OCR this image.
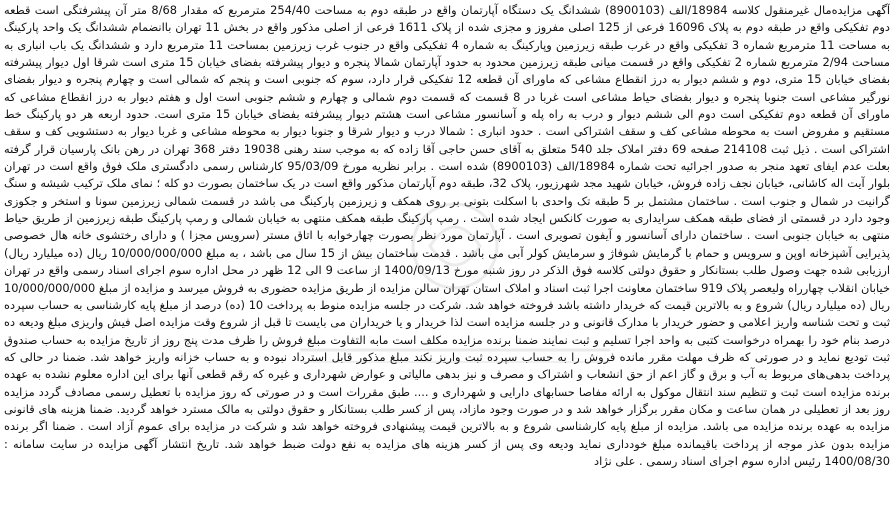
آگهی مزایده‌مال غیرمنقول کلاسه 18984/الف (8900103) ششدانگ یک دستگاه آپارتمان واقع در طبقه دوم به مساحت 254/40 مترمربع که مقدار 8/68 متر آن پیشرفتگی است قطعه دوم تفکیکی واقع در طبقه دوم به پلاک 16096 فرعی از 125 اصلی مفروز و مجزی شده از پلاک 1611 فرعی از اصلی مذکور واقع در بخش 11 تهران باانضمام ششدانگ یک واحد پارکینگ به مساحت 11 مترمربع شماره 3 تفکیکی واقع در غرب طبقه زیرزمین وپارکینگ به شماره 4 تفکیکی واقع در جنوب غرب زیرزمین بمساحت 11 مترمربع دارد و ششدانگ یک باب انباری به مساحت 2/94 مترمربع شماره 2 تفکیکی واقع در قسمت میانی طبقه زیرزمین محدود به حدود آپارتمان شمالا پنجره و دیوار پیشرفته بفضای خیابان 15 متری است شرقا اول دیوار پیشرفته بفضای خیابان 15 متری، دوم و ششم دیوار به درز انقطاع مشاعی که ماورای آن قطعه 12 تفکیکی قرار دارد، سوم که جنوبی است و پنجم که شمالی است و چهارم پنجره و دیوار بفضای نورگیر مشاعی است جنوبا پنجره و دیوار بفضای حیاط مشاعی است غربا در 8 قسمت که قسمت دوم شمالی و چهارم و ششم جنوبی است اول و هفتم دیوار به درز انقطاع مشاعی که ماورای آن قطعه دوم تفکیکی است دوم الی ششم دیوار و درب به راه پله و آسانسور مشاعی است هشتم دیوار پیشرفته بفضای خیابان 15 متری است. حدود اربعه هر دو پارکینگ خط مستقیم و مفروض است به محوطه مشاعی کف و سقف اشتراکی است . حدود انباری : شمالا درب و دیوار شرقا و جنوبا دیوار به محوطه مشاعی و غربا دیوار به دستشویی کف و سقف اشتراکی است . ذیل ثبت 214108 صفحه 69 دفتر املاک جلد 540 متعلق به آقای حسن حاجی آقا زاده که به موجب سند رهنی 19038 دفتر 368 تهران در رهن بانک پارسیان قرار گرفته بعلت عدم ایفای تعهد منجر به صدور اجرائیه تحت شماره 18984/الف (8900103) شده است . برابر نظریه مورخ 95/03/09 کارشناس رسمی دادگستری ملک فوق واقع است در تهران بلوار آیت اله کاشانی، خیابان نجف زاده فروش، خیابان شهید مجد شهرزیور، پلاک 32، طبقه دوم آپارتمان مذکور واقع است در یک ساختمان بصورت دو کله ؛ نمای ملک ترکیب شیشه و سنگ گرانیت در شمال و جنوب است . ساختمان مشتمل بر 5 طبقه تک واحدی با اسکلت بتونی بر روی همکف و زیرزمین پارکینگ می باشد در قسمت شمالی زیرزمین سونا و استخر و جکوزی وجود دارد در قسمتی از فضای طبقه همکف سرایداری به صورت کانکس ایجاد شده است . رمپ پارکینگ طبقه همکف منتهی به خیابان شمالی و رمپ پارکینگ طبقه زیرزمین از طریق حیاط منتهی به خیابان جنوبی است . ساختمان دارای آسانسور و آیفون تصویری است . آپارتمان مورد نظر بصورت چهارخوابه با اتاق مستر (سرویس مجزا ) و دارای رختشوی خانه هال خصوصی پذیرایی آشپزخانه اوپن و سرویس و حمام با گرمایش شوفاژ و سرمایش کولر آبی می باشد . قدمت ساختمان بیش از 15 سال می باشد ، به مبلغ 10/000/000/000 ریال (ده میلیارد ریال) ارزیابی شده جهت وصول طلب بستانکار و حقوق دولتی کلاسه فوق الذکر در روز شنبه مورخ 1400/09/13 از ساعت 9 الی 12 ظهر در محل اداره سوم اجرای اسناد رسمی واقع در تهران خیابان انقلاب چهارراه ولیعصر پلاک 919 ساختمان معاونت اجرا ثبت اسناد و املاک استان تهران سالن مزایده از طریق مزایده حضوری به فروش میرسد و مزایده از مبلغ 10/000/000/000 ریال (ده میلیارد ریال) شروع و به بالاترین قیمت که خریدار داشته باشد فروخته خواهد شد. شرکت در جلسه مزایده منوط به پرداخت 10 (ده) درصد از مبلغ پایه کارشناسی به حساب سپرده ثبت و تحت شناسه واریز اعلامی و حضور خریدار با مدارک قانونی و در جلسه مزایده است لذا خریدار و یا خریداران می بایست تا قبل از شروع وقت مزایده اصل فیش واریزی مبلغ ودیعه ده درصد بنام خود را بهمراه درخواست کتبی به واحد اجرا تسلیم و ثبت نمایند ضمنا برنده مزایده مکلف است مابه التفاوت مبلغ فروش را ظرف مدت پنج روز از تاریخ مزایده به حساب صندوق ثبت تودیع نماید و در صورتی که ظرف مهلت مقرر مانده فروش را به حساب سپرده ثبت واریز نکند مبلغ مذکور قابل استرداد نبوده و به حساب خزانه واریز خواهد شد. ضمنا در حالی که پرداخت بدهی‌های مربوط به آب و برق و گاز اعم از حق انشعاب و اشتراک و مصرف و نیز بدهی مالیاتی و عوارض شهرداری و غیره که رقم قطعی آنها برای این اداره معلوم نشده به عهده برنده مزایده است ثبت و تنظیم سند انتقال موکول به ارائه مفاصا حسابهای دارایی و شهرداری و .... طبق مقررات است و در صورتی که روز مزایده با تعطیل رسمی مصادف گردد مزایده روز بعد از تعطیلی در همان ساعت و مکان مقرر برگزار خواهد شد و در صورت وجود مازاد، پس از کسر طلب بستانکار و حقوق دولتی به مالک مسترد خواهد گردید. ضمنا هزینه های قانونی مزایده به عهده برنده مزایده می باشد. مزایده از مبلغ پایه کارشناسی شروع و به بالاترین قیمت پیشنهادی فروخته خواهد شد و شرکت در مزایده برای عموم آزاد است . ضمنا اگر برنده مزایده بدون عذر موجه از پرداخت باقیمانده مبلغ خودداری نماید ودیعه وی پس از کسر هزینه های مزایده به نفع دولت ضبط خواهد شد. تاریخ انتشار آگهی مزایده در سایت سامانه : 1400/08/30 رئیس اداره سوم اجرای اسناد رسمی . علی نژاد
